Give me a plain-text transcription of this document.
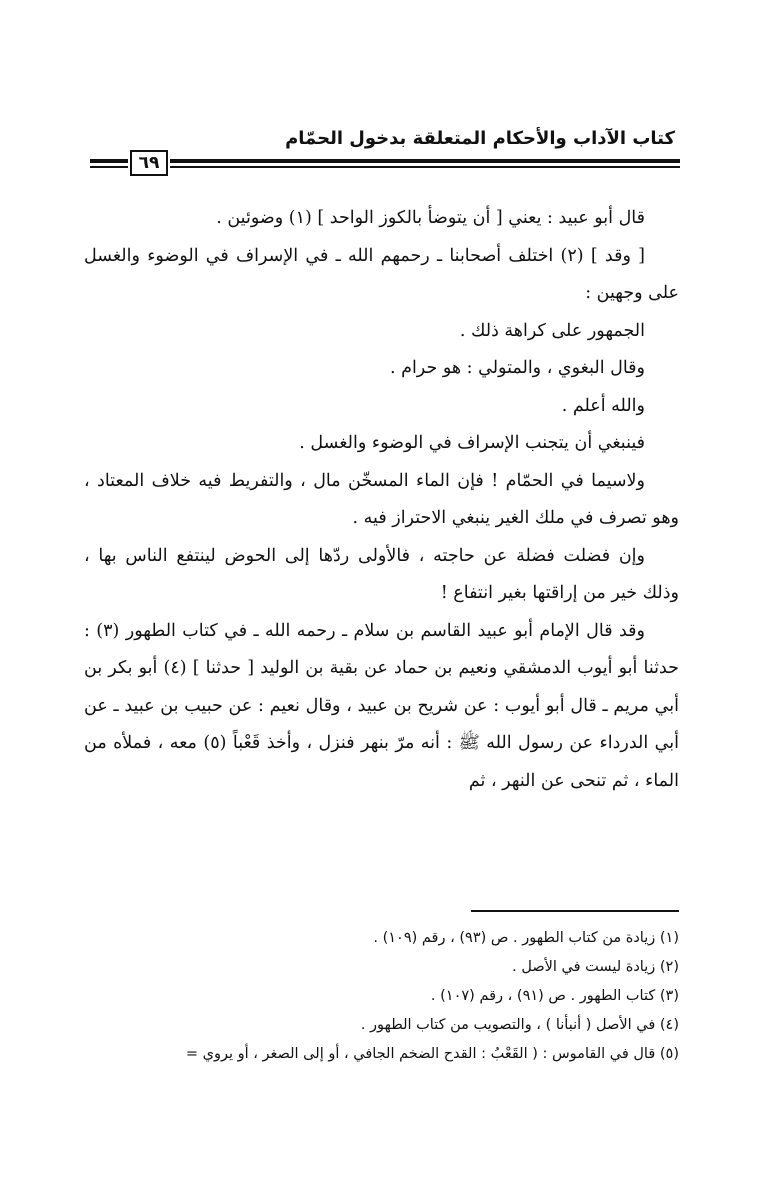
كتاب الآداب والأحكام المتعلقة بدخول الحمّام
٦٩

قال أبو عبيد : يعني [ أن يتوضأ بالكوز الواحد ] (١) وضوئين .

[ وقد ] (٢) اختلف أصحابنا ـ رحمهم الله ـ في الإسراف في الوضوء والغسل على وجهين :

الجمهور على كراهة ذلك .

وقال البغوي ، والمتولي : هو حرام .

والله أعلم .

فينبغي أن يتجنب الإسراف في الوضوء والغسل .

ولاسيما في الحمّام ! فإن الماء المسخّن مال ، والتفريط فيه خلاف المعتاد ، وهو تصرف في ملك الغير ينبغي الاحتراز فيه .

وإن فضلت فضلة عن حاجته ، فالأولى ردّها إلى الحوض لينتفع الناس بها ، وذلك خير من إراقتها بغير انتفاع !

وقد قال الإمام أبو عبيد القاسم بن سلام ـ رحمه الله ـ في كتاب الطهور (٣) : حدثنا أبو أيوب الدمشقي ونعيم بن حماد عن بقية بن الوليد [ حدثنا ] (٤) أبو بكر بن أبي مريم ـ قال أبو أيوب : عن شريح بن عبيد ، وقال نعيم : عن حبيب بن عبيد ـ عن أبي الدرداء عن رسول الله ﷺ : أنه مرّ بنهر فنزل ، وأخذ قَعْباً (٥) معه ، فملأه من الماء ، ثم تنحى عن النهر ، ثم

(١) زيادة من كتاب الطهور . ص (٩٣) ، رقم (١٠٩) .

(٢) زيادة ليست في الأصل .

(٣) كتاب الطهور . ص (٩١) ، رقم (١٠٧) .

(٤) في الأصل ( أنبأنا ) ، والتصويب من كتاب الطهور .

(٥) قال في القاموس : ( القَعْبُ : القدح الضخم الجافي ، أو إلى الصغر ، أو يروي =
